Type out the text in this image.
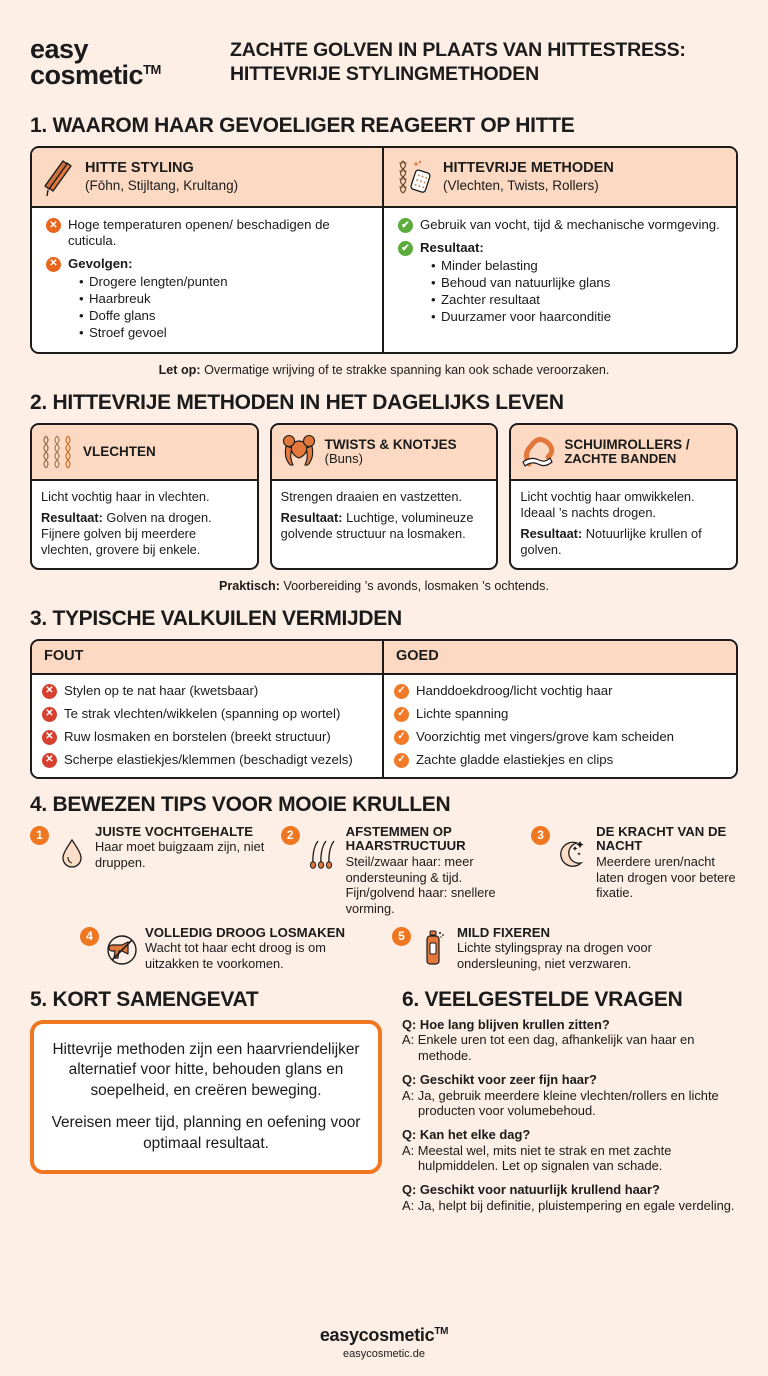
easy
cosmetic™
ZACHTE GOLVEN IN PLAATS VAN HITTESTRESS:
HITTEVRIJE STYLINGMETHODEN
1. WAAROM HAAR GEVOELIGER REAGEERT OP HITTE
HITTE STYLING
(Fōhn, Stijltang, Krultang)
HITTEVRIJE METHODEN
(Vlechten, Twists, Rollers)
✕ Hoge temperaturen openen/ beschadigen de cuticula.
✕ Gevolgen:
• Drogere lengten/punten
• Haarbreuk
• Doffe glans
• Stroef gevoel
✔ Gebruik van vocht, tijd & mechanische vormgeving.
✔ Resultaat:
• Minder belasting
• Behoud van natuurlijke glans
• Zachter resultaat
• Duurzamer voor haarconditie
Let op: Overmatige wrijving of te strakke spanning kan ook schade veroorzaken.
2. HITTEVRIJE METHODEN IN HET DAGELIJKS LEVEN
VLECHTEN

Licht vochtig haar in vlechten.

Resultaat: Golven na drogen. Fijnere golven bij meerdere vlechten, grovere bij enkele.

TWISTS & KNOTJES
(Buns)

Strengen draaien en vastzetten.

Resultaat: Luchtige, volumineuze golvende structuur na losmaken.

SCHUIMROLLERS /
ZACHTE BANDEN

Licht vochtig haar omwikkelen. Ideaal ’s nachts drogen.

Resultaat: Notuurlijke krullen of golven.

Praktisch: Voorbereiding ’s avonds, losmaken ’s ochtends.
3. TYPISCHE VALKUILEN VERMIJDEN
FOUT	GOED
✕ Stylen op te nat haar (kwetsbaar)
✕ Te strak vlechten/wikkelen (spanning op wortel)
✕ Ruw losmaken en borstelen (breekt structuur)
✕ Scherpe elastiekjes/klemmen (beschadigt vezels)
✓ Handdoekdroog/licht vochtig haar
✓ Lichte spanning
✓ Voorzichtig met vingers/grove kam scheiden
✓ Zachte gladde elastiekjes en clips
4. BEWEZEN TIPS VOOR MOOIE KRULLEN
1	JUISTE VOCHTGEHALTE
Haar moet buigzaam zijn, niet druppen.
2	AFSTEMMEN OP HAARSTRUCTUUR
Steil/zwaar haar: meer ondersteuning & tijd. Fijn/golvend haar: snellere vorming.
3	DE KRACHT VAN DE NACHT
Meerdere uren/nacht laten drogen voor betere fixatie.
4	VOLLEDIG DROOG LOSMAKEN
Wacht tot haar echt droog is om uitzakken te voorkomen.
5	MILD FIXEREN
Lichte stylingspray na drogen voor ondersleuning, niet verzwaren.
5. KORT SAMENGEVAT

Hittevrije methoden zijn een haarvriendelijker alternatief voor hitte, behouden glans en soepelheid, en creëren beweging.

Vereisen meer tijd, planning en oefening voor optimaal resultaat.

6. VEELGESTELDE VRAGEN
Q: Hoe lang blijven krullen zitten?
A: Enkele uren tot een dag, afhankelijk van haar en methode.
Q: Geschikt voor zeer fijn haar?
A: Ja, gebruik meerdere kleine vlechten/rollers en lichte producten voor volumebehoud.
Q: Kan het elke dag?
A: Meestal wel, mits niet te strak en met zachte hulpmiddelen. Let op signalen van schade.
Q: Geschikt voor natuurlijk krullend haar?
A: Ja, helpt bij definitie, pluistempering en egale verdeling.
easycosmetic™
easycosmetic.de
